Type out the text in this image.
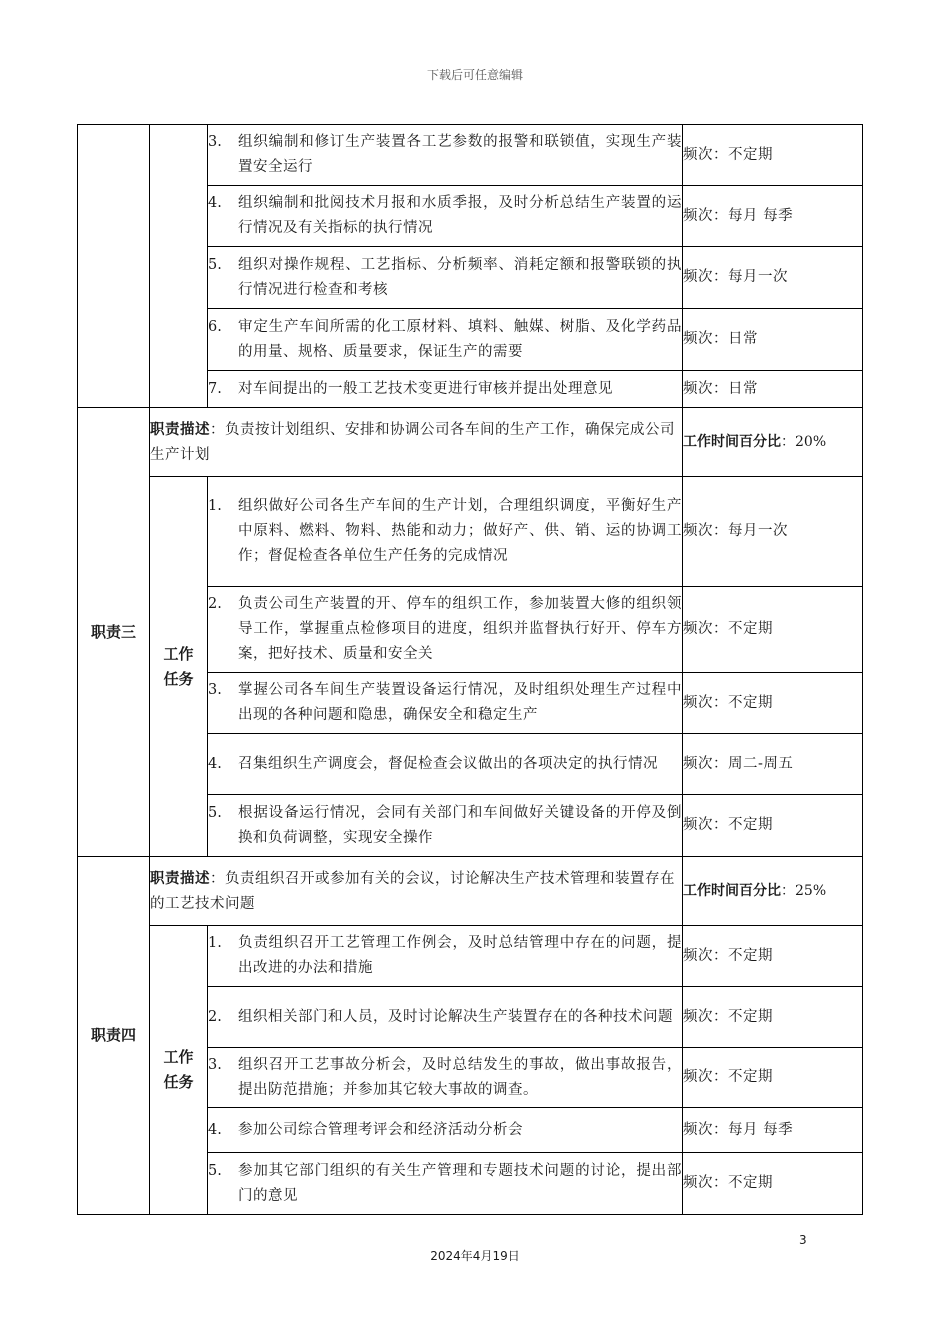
下载后可任意编辑

		3. 组织编制和修订生产装置各工艺参数的报警和联锁值，实现生产装置安全运行	频次：不定期

		4. 组织编制和批阅技术月报和水质季报，及时分析总结生产装置的运行情况及有关指标的执行情况	频次：每月 每季

		5. 组织对操作规程、工艺指标、分析频率、消耗定额和报警联锁的执行情况进行检查和考核	频次：每月一次

		6. 审定生产车间所需的化工原材料、填料、触媒、树脂、及化学药品的用量、规格、质量要求，保证生产的需要	频次：日常

		7. 对车间提出的一般工艺技术变更进行审核并提出处理意见	频次：日常
职责三	职责描述：负责按计划组织、安排和协调公司各车间的生产工作，确保完成公司生产计划		工作时间百分比：20%
	工作任务	1. 组织做好公司各生产车间的生产计划，合理组织调度，平衡好生产中原料、燃料、物料、热能和动力；做好产、供、销、运的协调工作；督促检查各单位生产任务的完成情况	频次：每月一次

		2. 负责公司生产装置的开、停车的组织工作，参加装置大修的组织领导工作，掌握重点检修项目的进度，组织并监督执行好开、停车方案，把好技术、质量和安全关	频次：不定期

		3. 掌握公司各车间生产装置设备运行情况，及时组织处理生产过程中出现的各种问题和隐患，确保安全和稳定生产	频次：不定期

		4. 召集组织生产调度会，督促检查会议做出的各项决定的执行情况	频次：周二-周五

		5. 根据设备运行情况，会同有关部门和车间做好关键设备的开停及倒换和负荷调整，实现安全操作	频次：不定期
职责四	职责描述：负责组织召开或参加有关的会议，讨论解决生产技术管理和装置存在的工艺技术问题		工作时间百分比：25%
	工作任务	1. 负责组织召开工艺管理工作例会，及时总结管理中存在的问题，提出改进的办法和措施	频次：不定期

		2. 组织相关部门和人员，及时讨论解决生产装置存在的各种技术问题	频次：不定期

		3. 组织召开工艺事故分析会，及时总结发生的事故，做出事故报告，提出防范措施；并参加其它较大事故的调查。	频次：不定期

		4. 参加公司综合管理考评会和经济活动分析会	频次：每月 每季

		5. 参加其它部门组织的有关生产管理和专题技术问题的讨论，提出部门的意见	频次：不定期
3
2024年4月19日
